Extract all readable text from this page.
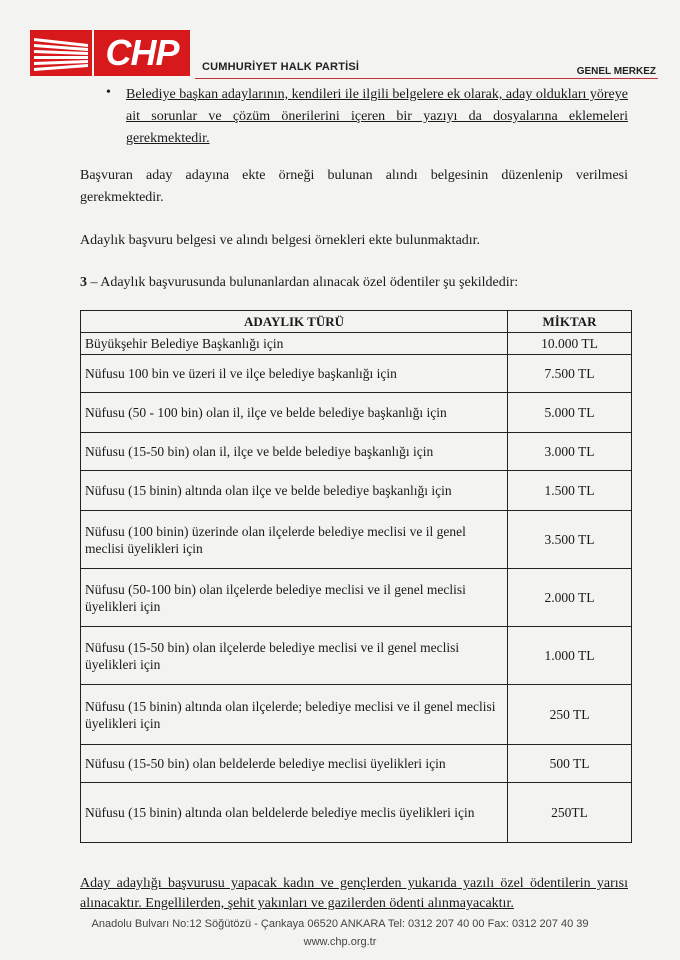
CHP	CUMHURİYET HALK PARTİSİ	GENEL MERKEZ
• Belediye başkan adaylarının, kendileri ile ilgili belgelere ek olarak, aday oldukları yöreye ait sorunlar ve çözüm önerilerini içeren bir yazıyı da dosyalarına eklemeleri gerekmektedir.
Başvuran aday adayına ekte örneği bulunan alındı belgesinin düzenlenip verilmesi gerekmektedir.
Adaylık başvuru belgesi ve alındı belgesi örnekleri ekte bulunmaktadır.
3 – Adaylık başvurusunda bulunanlardan alınacak özel ödentiler şu şekildedir:
ADAYLIK TÜRÜ	MİKTAR
Büyükşehir Belediye Başkanlığı için	10.000 TL
Nüfusu 100 bin ve üzeri il ve ilçe belediye başkanlığı için	7.500 TL
Nüfusu (50 - 100 bin) olan il, ilçe ve belde belediye başkanlığı için	5.000 TL
Nüfusu (15-50 bin) olan il, ilçe ve belde belediye başkanlığı için	3.000 TL
Nüfusu (15 binin) altında olan ilçe ve belde belediye başkanlığı için	1.500 TL
Nüfusu (100 binin) üzerinde olan ilçelerde belediye meclisi ve il genel meclisi üyelikleri için	3.500 TL
Nüfusu (50-100 bin) olan ilçelerde belediye meclisi ve il genel meclisi üyelikleri için	2.000 TL
Nüfusu (15-50 bin) olan ilçelerde belediye meclisi ve il genel meclisi üyelikleri için	1.000 TL
Nüfusu (15 binin) altında olan ilçelerde; belediye meclisi ve il genel meclisi üyelikleri için	250 TL
Nüfusu (15-50 bin) olan beldelerde belediye meclisi üyelikleri için	500 TL
Nüfusu (15 binin) altında olan beldelerde belediye meclis üyelikleri için	250TL
Aday adaylığı başvurusu yapacak kadın ve gençlerden yukarıda yazılı özel ödentilerin yarısı alınacaktır. Engellilerden, şehit yakınları ve gazilerden ödenti alınmayacaktır.
Anadolu Bulvarı No:12 Söğütözü - Çankaya 06520 ANKARA Tel: 0312 207 40 00 Fax: 0312 207 40 39
www.chp.org.tr
